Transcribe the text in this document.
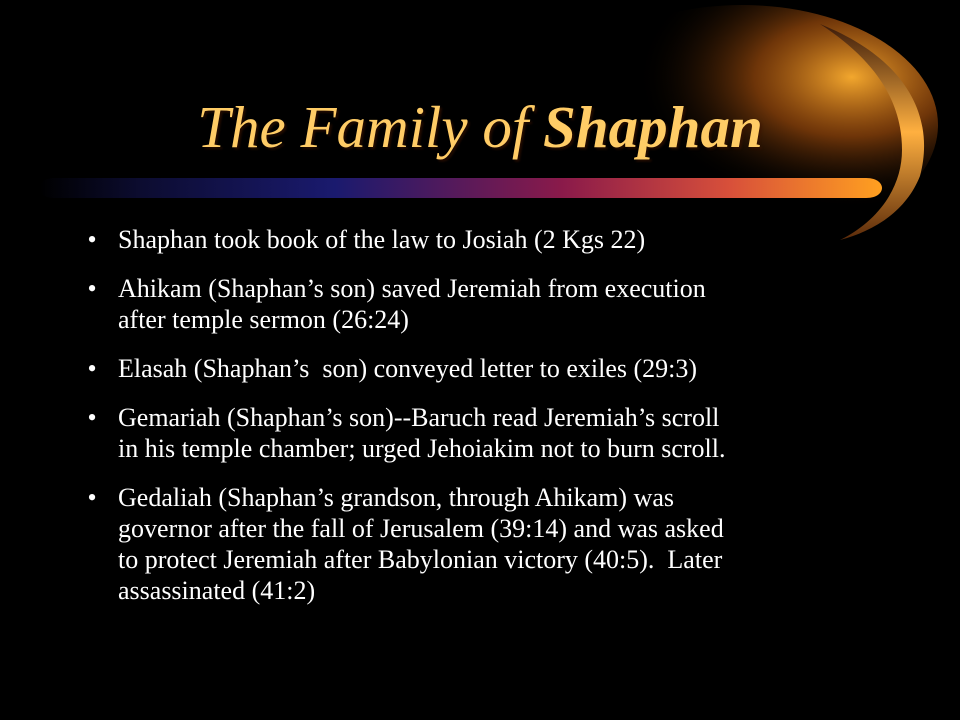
The Family of Shaphan
• Shaphan took book of the law to Josiah (2 Kgs 22)
• Ahikam (Shaphan’s son) saved Jeremiah from execution
after temple sermon (26:24)
• Elasah (Shaphan’s  son) conveyed letter to exiles (29:3)
• Gemariah (Shaphan’s son)--Baruch read Jeremiah’s scroll
in his temple chamber; urged Jehoiakim not to burn scroll.
• Gedaliah (Shaphan’s grandson, through Ahikam) was
governor after the fall of Jerusalem (39:14) and was asked
to protect Jeremiah after Babylonian victory (40:5).  Later
assassinated (41:2)
